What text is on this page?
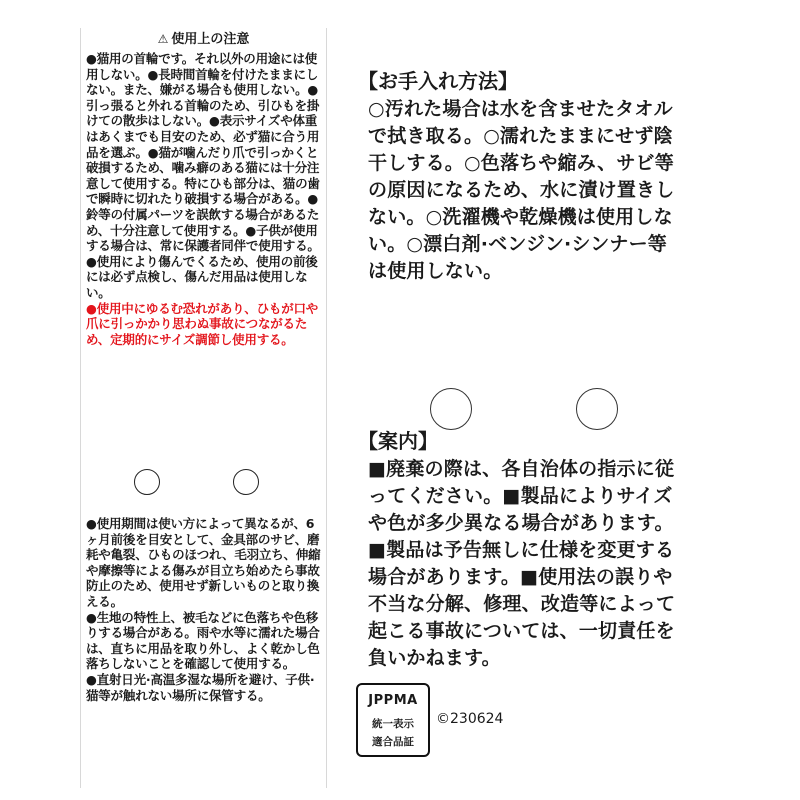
⚠ 使用上の注意
●猫用の首輪です。それ以外の用途には使用しない。●長時間首輪を付けたままにしない。また、嫌がる場合も使用しない。●引っ張ると外れる首輪のため、引ひもを掛けての散歩はしない。●表示サイズや体重はあくまでも目安のため、必ず猫に合う用品を選ぶ。●猫が噛んだり爪で引っかくと破損するため、噛み癖のある猫には十分注意して使用する。特にひも部分は、猫の歯で瞬時に切れたり破損する場合がある。●鈴等の付属パーツを誤飲する場合があるため、十分注意して使用する。●子供が使用する場合は、常に保護者同伴で使用する。●使用により傷んでくるため、使用の前後には必ず点検し、傷んだ用品は使用しない。
●使用中にゆるむ恐れがあり、ひもが口や爪に引っかかり思わぬ事故につながるため、定期的にサイズ調節し使用する。

●使用期間は使い方によって異なるが、6ヶ月前後を目安として、金具部のサビ、磨耗や亀裂、ひものほつれ、毛羽立ち、伸縮や摩擦等による傷みが目立ち始めたら事故防止のため、使用せず新しいものと取り換える。

●生地の特性上、被毛などに色落ちや色移りする場合がある。雨や水等に濡れた場合は、直ちに用品を取り外し、よく乾かし色落ちしないことを確認して使用する。

●直射日光·高温多湿な場所を避け、子供·猫等が触れない場所に保管する。

【お手入れ方法】
○汚れた場合は水を含ませたタオルで拭き取る。○濡れたままにせず陰干しする。○色落ちや縮み、サビ等の原因になるため、水に漬け置きしない。○洗濯機や乾燥機は使用しない。○漂白剤·ベンジン·シンナー等は使用しない。
【案内】
■廃棄の際は、各自治体の指示に従ってください。■製品によりサイズや色が多少異なる場合があります。■製品は予告無しに仕様を変更する場合があります。■使用法の誤りや不当な分解、修理、改造等によって起こる事故については、一切責任を負いかねます。
JPPMA
統一表示
適合品証
©230624
